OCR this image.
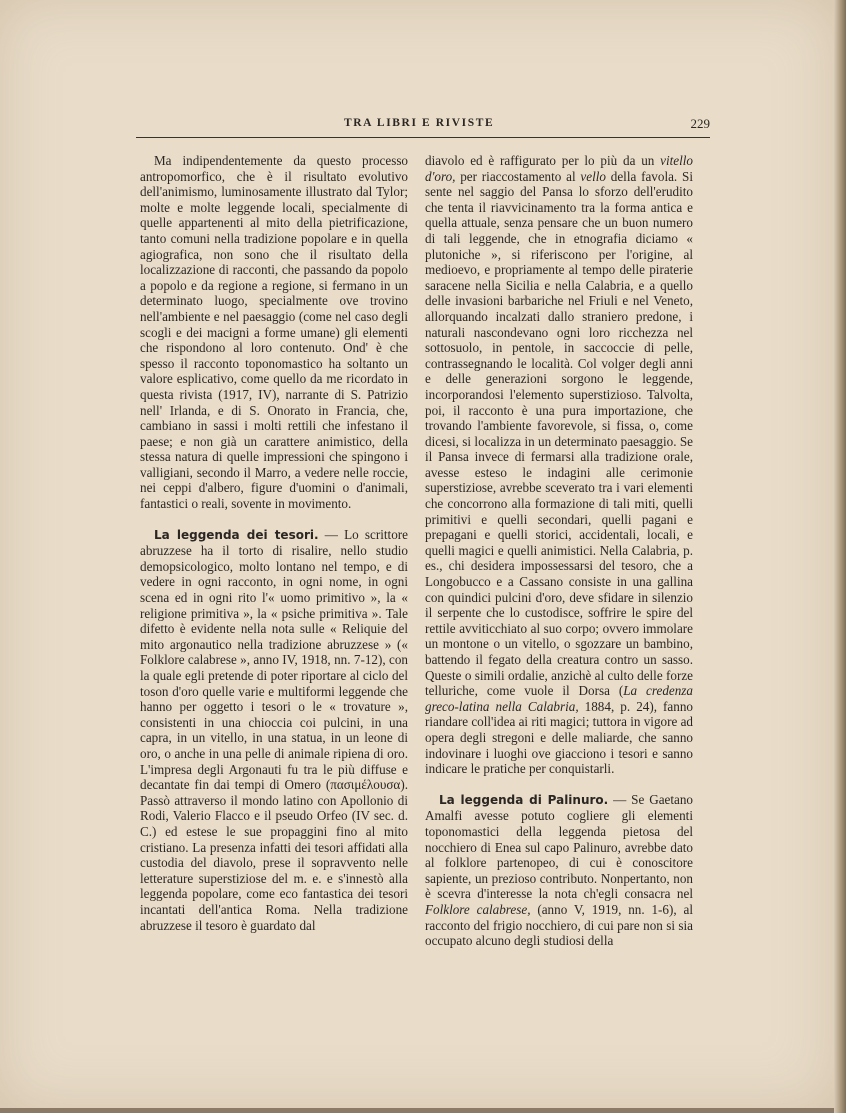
TRA LIBRI E RIVISTE	229

Ma indipendentemente da questo processo antropomorfico, che è il risultato evolutivo dell'animismo, luminosamente illustrato dal Tylor; molte e molte leggende locali, specialmente di quelle appartenenti al mito della pietrificazione, tanto comuni nella tradizione popolare e in quella agiografica, non sono che il risultato della localizzazione di racconti, che passando da popolo a popolo e da regione a regione, si fermano in un determinato luogo, specialmente ove trovino nell'ambiente e nel paesaggio (come nel caso degli scogli e dei macigni a forme umane) gli elementi che rispondono al loro contenuto. Ond' è che spesso il racconto toponomastico ha soltanto un valore esplicativo, come quello da me ricordato in questa rivista (1917, IV), narrante di S. Patrizio nell' Irlanda, e di S. Onorato in Francia, che, cambiano in sassi i molti rettili che infestano il paese; e non già un carattere animistico, della stessa natura di quelle impressioni che spingono i valligiani, secondo il Marro, a vedere nelle roccie, nei ceppi d'albero, figure d'uomini o d'animali, fantastici o reali, sovente in movimento.

La leggenda dei tesori. — Lo scrittore abruzzese ha il torto di risalire, nello studio demopsicologico, molto lontano nel tempo, e di vedere in ogni racconto, in ogni nome, in ogni scena ed in ogni rito l'« uomo primitivo », la « religione primitiva », la « psiche primitiva ». Tale difetto è evidente nella nota sulle « Reliquie del mito argonautico nella tradizione abruzzese » (« Folklore calabrese », anno IV, 1918, nn. 7-12), con la quale egli pretende di poter riportare al ciclo del toson d'oro quelle varie e multiformi leggende che hanno per oggetto i tesori o le « trovature », consistenti in una chioccia coi pulcini, in una capra, in un vitello, in una statua, in un leone di oro, o anche in una pelle di animale ripiena di oro. L'impresa degli Argonauti fu tra le più diffuse e decantate fin dai tempi di Omero (πασιμέλουσα). Passò attraverso il mondo latino con Apollonio di Rodi, Valerio Flacco e il pseudo Orfeo (IV sec. d. C.) ed estese le sue propaggini fino al mito cristiano. La presenza infatti dei tesori affidati alla custodia del diavolo, prese il sopravvento nelle letterature superstiziose del m. e. e s'innestò alla leggenda popolare, come eco fantastica dei tesori incantati dell'antica Roma. Nella tradizione abruzzese il tesoro è guardato dal

diavolo ed è raffigurato per lo più da un vitello d'oro, per riaccostamento al vello della favola. Si sente nel saggio del Pansa lo sforzo dell'erudito che tenta il riavvicinamento tra la forma antica e quella attuale, senza pensare che un buon numero di tali leggende, che in etnografia diciamo « plutoniche », si riferiscono per l'origine, al medioevo, e propriamente al tempo delle piraterie saracene nella Sicilia e nella Calabria, e a quello delle invasioni barbariche nel Friuli e nel Veneto, allorquando incalzati dallo straniero predone, i naturali nascondevano ogni loro ricchezza nel sottosuolo, in pentole, in saccoccie di pelle, contrassegnando le località. Col volger degli anni e delle generazioni sorgono le leggende, incorporandosi l'elemento superstizioso. Talvolta, poi, il racconto è una pura importazione, che trovando l'ambiente favorevole, si fissa, o, come dicesi, si localizza in un determinato paesaggio. Se il Pansa invece di fermarsi alla tradizione orale, avesse esteso le indagini alle cerimonie superstiziose, avrebbe sceverato tra i vari elementi che concorrono alla formazione di tali miti, quelli primitivi e quelli secondari, quelli pagani e prepagani e quelli storici, accidentali, locali, e quelli magici e quelli animistici. Nella Calabria, p. es., chi desidera impossessarsi del tesoro, che a Longobucco e a Cassano consiste in una gallina con quindici pulcini d'oro, deve sfidare in silenzio il serpente che lo custodisce, soffrire le spire del rettile avviticchiato al suo corpo; ovvero immolare un montone o un vitello, o sgozzare un bambino, battendo il fegato della creatura contro un sasso. Queste o simili ordalie, anzichè al culto delle forze telluriche, come vuole il Dorsa (La credenza greco-latina nella Calabria, 1884, p. 24), fanno riandare coll'idea ai riti magici; tuttora in vigore ad opera degli stregoni e delle maliarde, che sanno indovinare i luoghi ove giacciono i tesori e sanno indicare le pratiche per conquistarli.

La leggenda di Palinuro. — Se Gaetano Amalfi avesse potuto cogliere gli elementi toponomastici della leggenda pietosa del nocchiero di Enea sul capo Palinuro, avrebbe dato al folklore partenopeo, di cui è conoscitore sapiente, un prezioso contributo. Nonpertanto, non è scevra d'interesse la nota ch'egli consacra nel Folklore calabrese, (anno V, 1919, nn. 1-6), al racconto del frigio nocchiero, di cui pare non si sia occupato alcuno degli studiosi della
